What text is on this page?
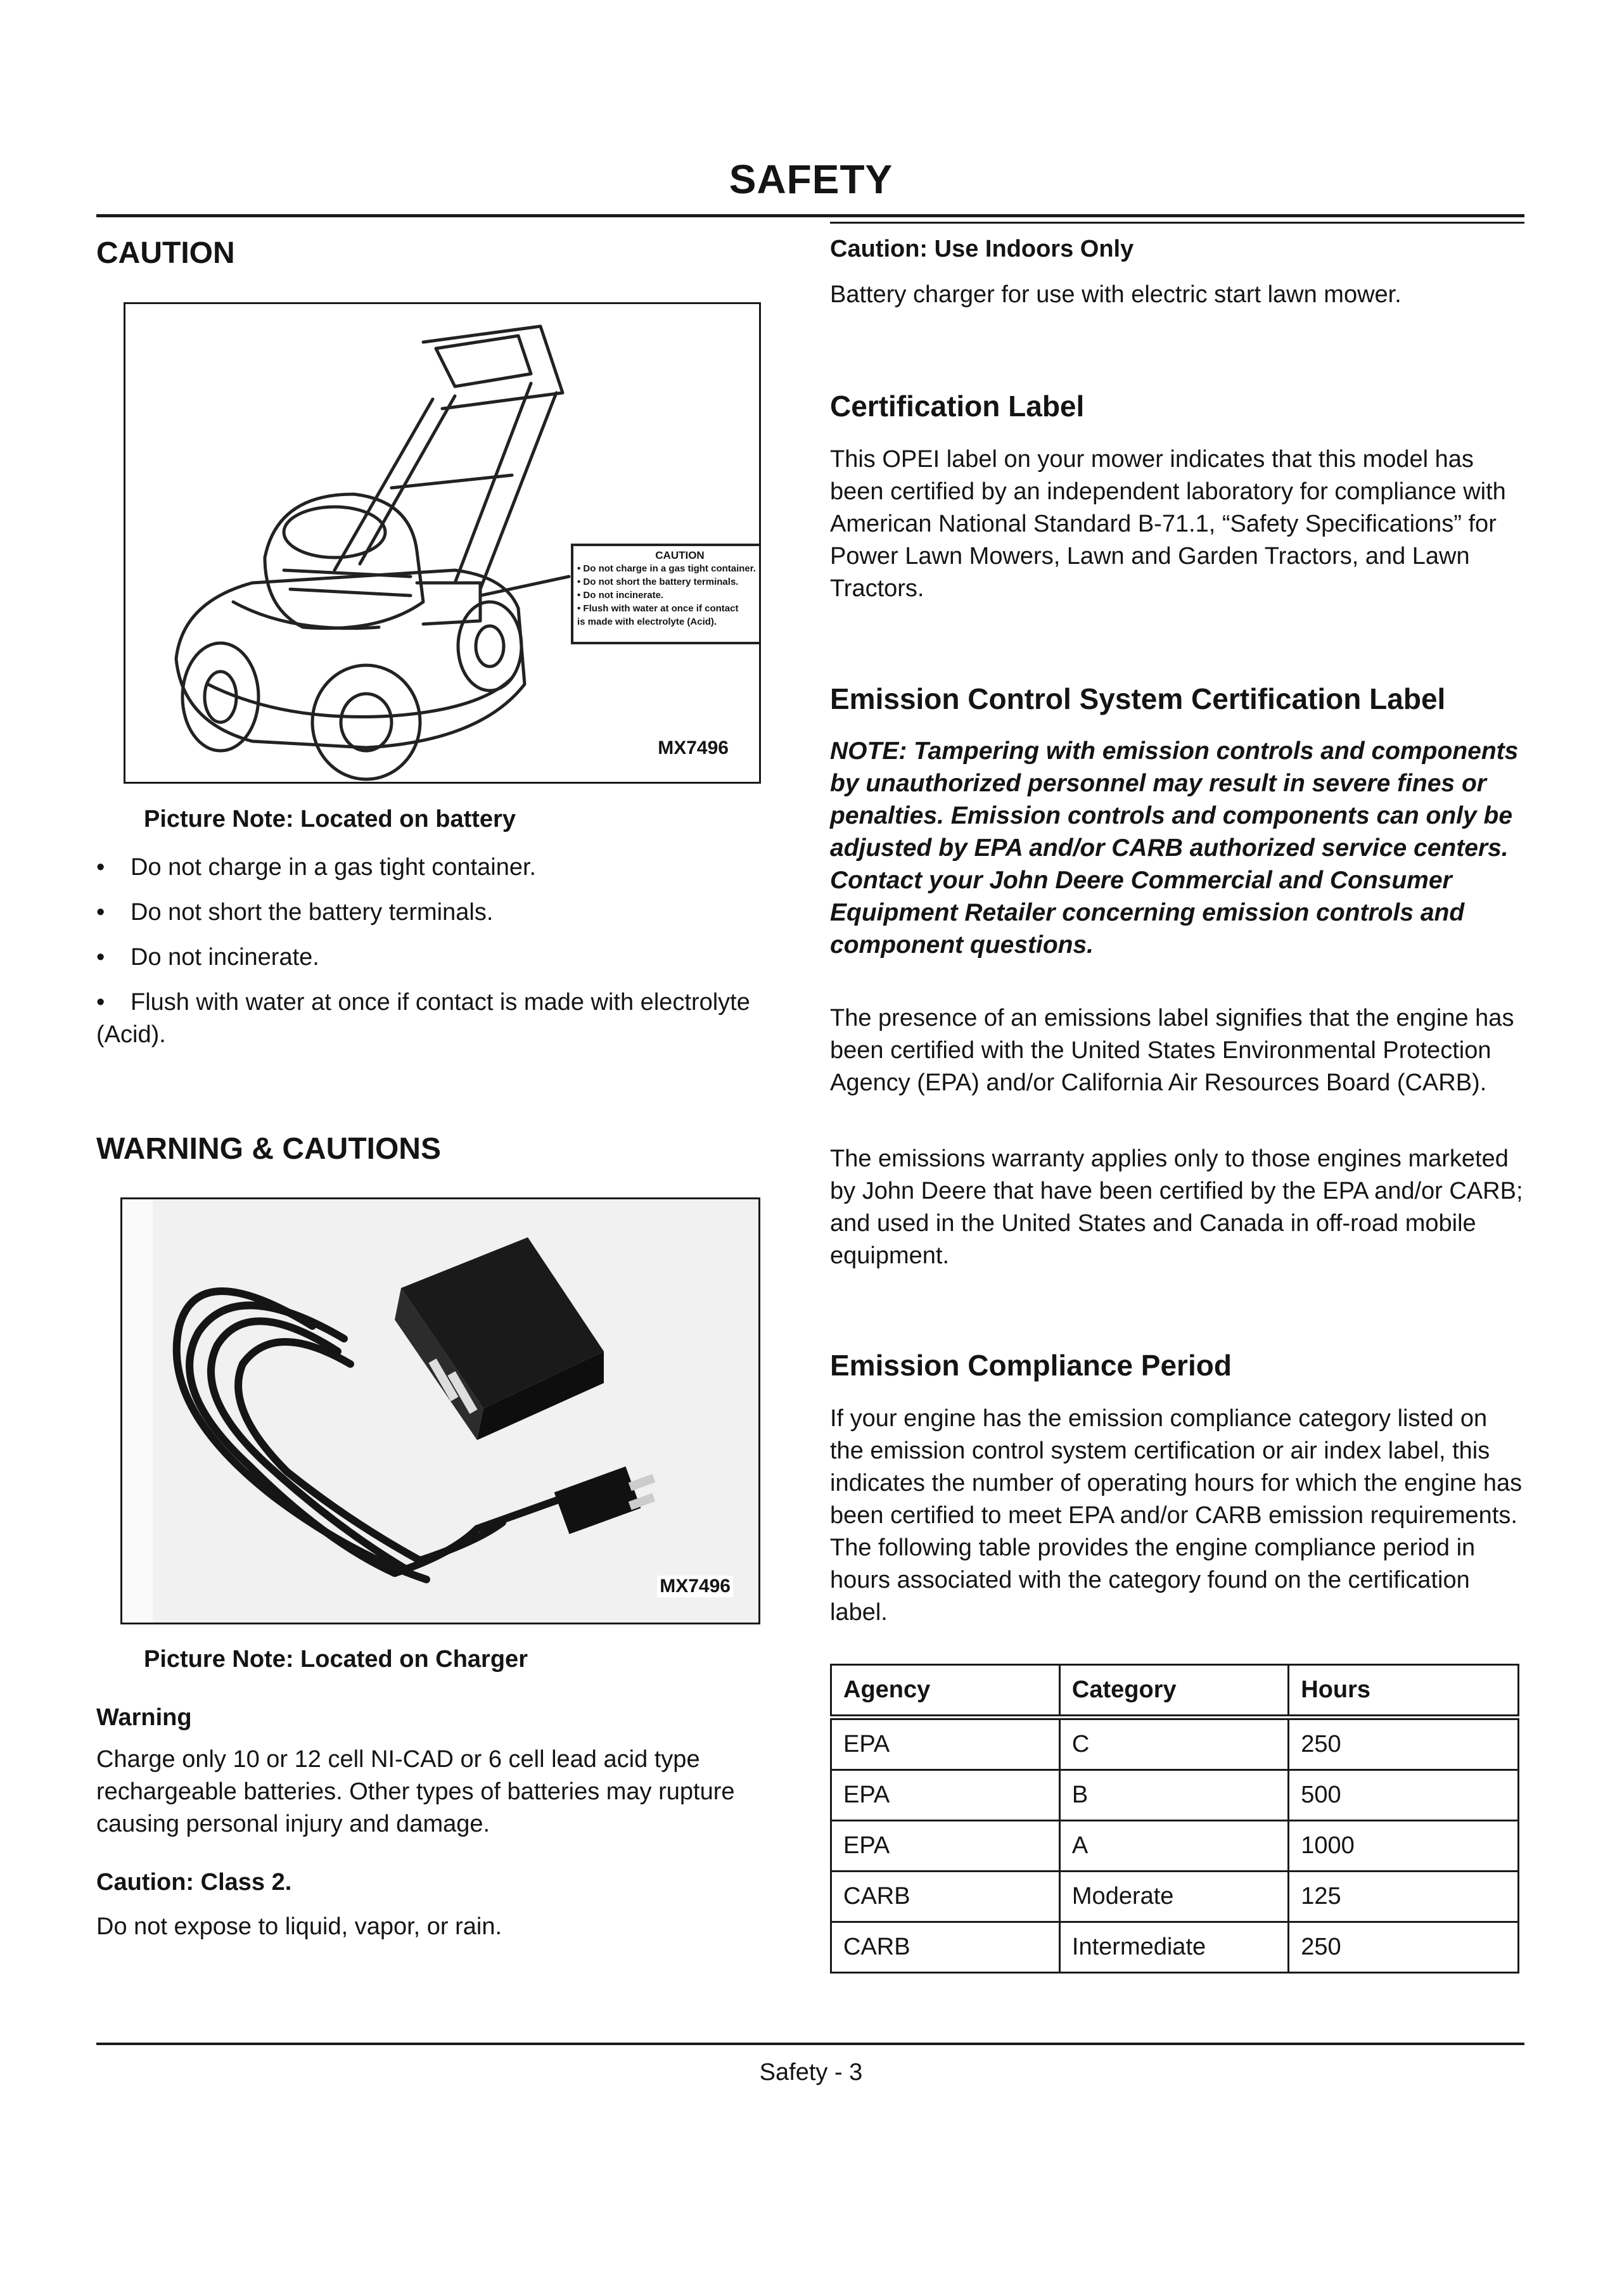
SAFETY
CAUTION
CAUTION
• Do not charge in a gas tight container.
• Do not short the battery terminals.
• Do not incinerate.
• Flush with water at once if contact
is made with electrolyte (Acid).
MX7496
Picture Note: Located on battery
•	Do not charge in a gas tight container.
•	Do not short the battery terminals.
•	Do not incinerate.
• Flush with water at once if contact is made with electrolyte (Acid).
WARNING & CAUTIONS
MX7496
Picture Note: Located on Charger
Warning
Charge only 10 or 12 cell NI-CAD or 6 cell lead acid type rechargeable batteries. Other types of batteries may rupture causing personal injury and damage.
Caution: Class 2.
Do not expose to liquid, vapor, or rain.
Caution: Use Indoors Only
Battery charger for use with electric start lawn mower.
Certification Label
This OPEI label on your mower indicates that this model has been certified by an independent laboratory for compliance with American National Standard B-71.1, “Safety Specifications” for Power Lawn Mowers, Lawn and Garden Tractors, and Lawn Tractors.
Emission Control System Certification Label
NOTE: Tampering with emission controls and components by unauthorized personnel may result in severe fines or penalties. Emission controls and components can only be adjusted by EPA and/or CARB authorized service centers. Contact your John Deere Commercial and Consumer Equipment Retailer concerning emission controls and component questions.
The presence of an emissions label signifies that the engine has been certified with the United States Environmental Protection Agency (EPA) and/or California Air Resources Board (CARB).
The emissions warranty applies only to those engines marketed by John Deere that have been certified by the EPA and/or CARB; and used in the United States and Canada in off-road mobile equipment.
Emission Compliance Period
If your engine has the emission compliance category listed on the emission control system certification or air index label, this indicates the number of operating hours for which the engine has been certified to meet EPA and/or CARB emission requirements. The following table provides the engine compliance period in hours associated with the category found on the certification label.
Agency	Category	Hours
EPA	C	250
EPA	B	500
EPA	A	1000
CARB	Moderate	125
CARB	Intermediate	250
Safety - 3
